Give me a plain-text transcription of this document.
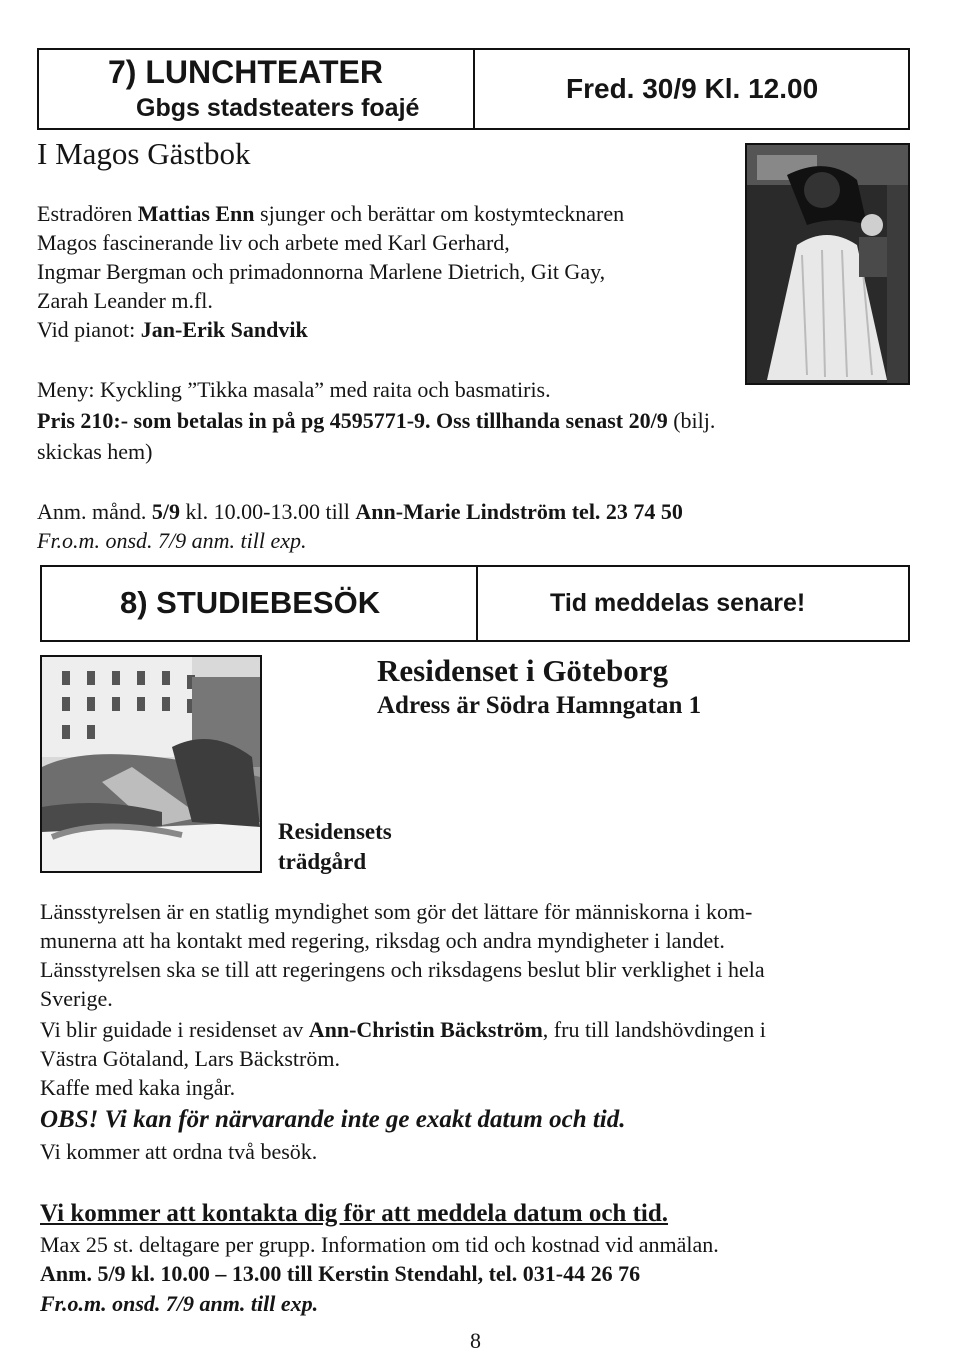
7) LUNCHTEATER
Gbgs stadsteaters foajé
Fred. 30/9 Kl. 12.00
I Magos Gästbok
Estradören Mattias Enn sjunger och berättar om kostymtecknaren
Magos fascinerande liv och arbete med Karl Gerhard,
Ingmar Bergman och primadonnorna Marlene Dietrich, Git Gay,
Zarah Leander m.fl.
Vid pianot: Jan-Erik Sandvik
Meny: Kyckling ”Tikka masala” med raita och basmatiris.
Pris 210:- som betalas in på pg 4595771-9. Oss tillhanda senast 20/9 (bilj.
skickas hem)
Anm. månd. 5/9 kl. 10.00-13.00 till Ann-Marie Lindström tel. 23 74 50
Fr.o.m. onsd. 7/9 anm. till exp.
8) STUDIEBESÖK	Tid meddelas senare!
Residenset i Göteborg
Adress är Södra Hamngatan 1
Residensets
trädgård
Länsstyrelsen är en statlig myndighet som gör det lättare för människorna i kom-
munerna att ha kontakt med regering, riksdag och andra myndigheter i landet.
Länsstyrelsen ska se till att regeringens och riksdagens beslut blir verklighet i hela
Sverige.
Vi blir guidade i residenset av Ann-Christin Bäckström, fru till landshövdingen i
Västra Götaland, Lars Bäckström.
Kaffe med kaka ingår.
OBS! Vi kan för närvarande inte ge exakt datum och tid.
Vi kommer att ordna två besök.
Vi kommer att kontakta dig för att meddela datum och tid.
Max 25 st. deltagare per grupp. Information om tid och kostnad vid anmälan.
Anm. 5/9 kl. 10.00 – 13.00 till Kerstin Stendahl, tel. 031-44 26 76
Fr.o.m. onsd. 7/9 anm. till exp.
8
